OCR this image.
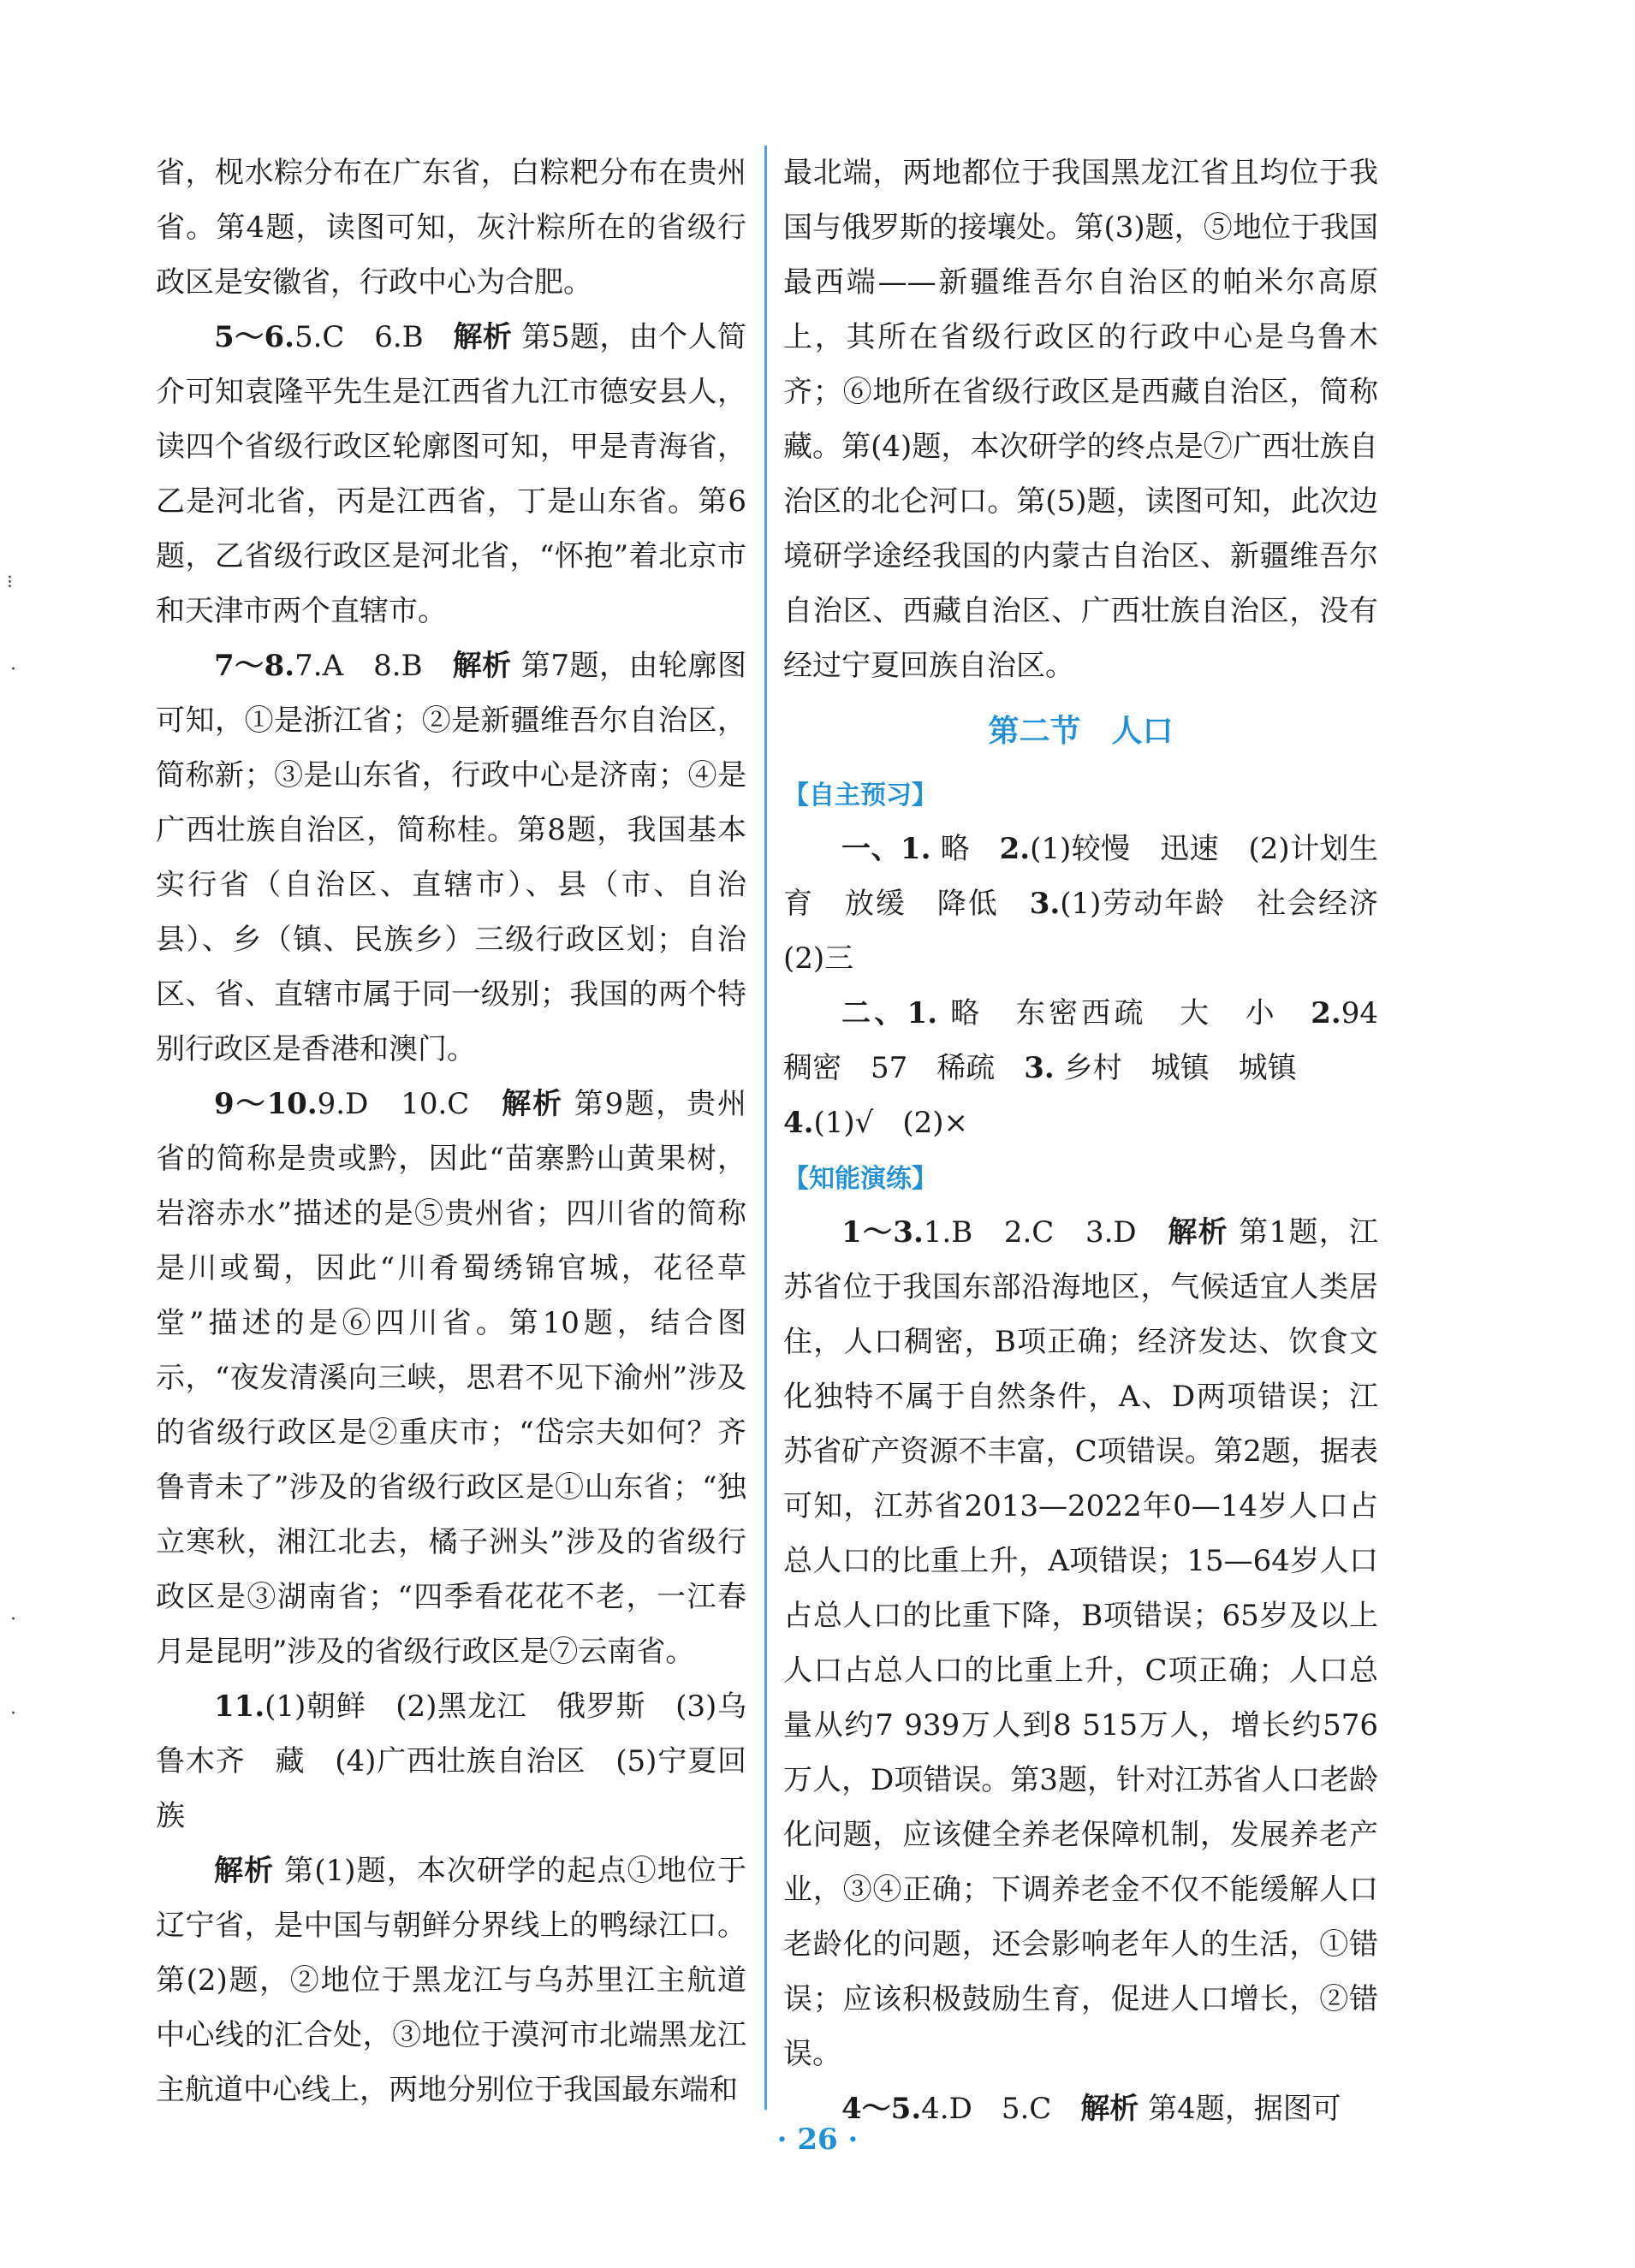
⁝
·
·
·

省，枧水粽分布在广东省，白粽粑分布在贵州省。第4题，读图可知，灰汁粽所在的省级行政区是安徽省，行政中心为合肥。

5～6.5.C　6.B　解析 第5题，由个人简介可知袁隆平先生是江西省九江市德安县人，读四个省级行政区轮廓图可知，甲是青海省，乙是河北省，丙是江西省，丁是山东省。第6题，乙省级行政区是河北省，“怀抱”着北京市和天津市两个直辖市。

7～8.7.A　8.B　解析 第7题，由轮廓图可知，①是浙江省；②是新疆维吾尔自治区，简称新；③是山东省，行政中心是济南；④是广西壮族自治区，简称桂。第8题，我国基本实行省（自治区、直辖市）、县（市、自治县）、乡（镇、民族乡）三级行政区划；自治区、省、直辖市属于同一级别；我国的两个特别行政区是香港和澳门。

9～10.9.D　10.C　解析 第9题，贵州省的简称是贵或黔，因此“苗寨黔山黄果树，岩溶赤水”描述的是⑤贵州省；四川省的简称是川或蜀，因此“川肴蜀绣锦官城，花径草堂”描述的是⑥四川省。第10题，结合图示，“夜发清溪向三峡，思君不见下渝州”涉及的省级行政区是②重庆市；“岱宗夫如何？齐鲁青未了”涉及的省级行政区是①山东省；“独立寒秋，湘江北去，橘子洲头”涉及的省级行政区是③湖南省；“四季看花花不老，一江春月是昆明”涉及的省级行政区是⑦云南省。

11.(1)朝鲜　(2)黑龙江　俄罗斯　(3)乌鲁木齐　藏　(4)广西壮族自治区　(5)宁夏回族

解析 第(1)题，本次研学的起点①地位于辽宁省，是中国与朝鲜分界线上的鸭绿江口。第(2)题，②地位于黑龙江与乌苏里江主航道中心线的汇合处，③地位于漠河市北端黑龙江主航道中心线上，两地分别位于我国最东端和

最北端，两地都位于我国黑龙江省且均位于我国与俄罗斯的接壤处。第(3)题，⑤地位于我国最西端——新疆维吾尔自治区的帕米尔高原上，其所在省级行政区的行政中心是乌鲁木齐；⑥地所在省级行政区是西藏自治区，简称藏。第(4)题，本次研学的终点是⑦广西壮族自治区的北仑河口。第(5)题，读图可知，此次边境研学途经我国的内蒙古自治区、新疆维吾尔自治区、西藏自治区、广西壮族自治区，没有经过宁夏回族自治区。

第二节　人口
【自主预习】

一、1. 略　2.(1)较慢　迅速　(2)计划生育　放缓　降低　3.(1)劳动年龄　社会经济　(2)三

二、1. 略　东密西疏　大　小　2.94　稠密　57　稀疏　3. 乡村　城镇　城镇

4.(1)√　(2)×

【知能演练】

1～3.1.B　2.C　3.D　解析 第1题，江苏省位于我国东部沿海地区，气候适宜人类居住，人口稠密，B项正确；经济发达、饮食文化独特不属于自然条件，A、D两项错误；江苏省矿产资源不丰富，C项错误。第2题，据表可知，江苏省2013—2022年0—14岁人口占总人口的比重上升，A项错误；15—64岁人口占总人口的比重下降，B项错误；65岁及以上人口占总人口的比重上升，C项正确；人口总量从约7 939万人到8 515万人，增长约576万人，D项错误。第3题，针对江苏省人口老龄化问题，应该健全养老保障机制，发展养老产业，③④正确；下调养老金不仅不能缓解人口老龄化的问题，还会影响老年人的生活，①错误；应该积极鼓励生育，促进人口增长，②错误。

4～5.4.D　5.C　解析 第4题，据图可

· 26 ·
